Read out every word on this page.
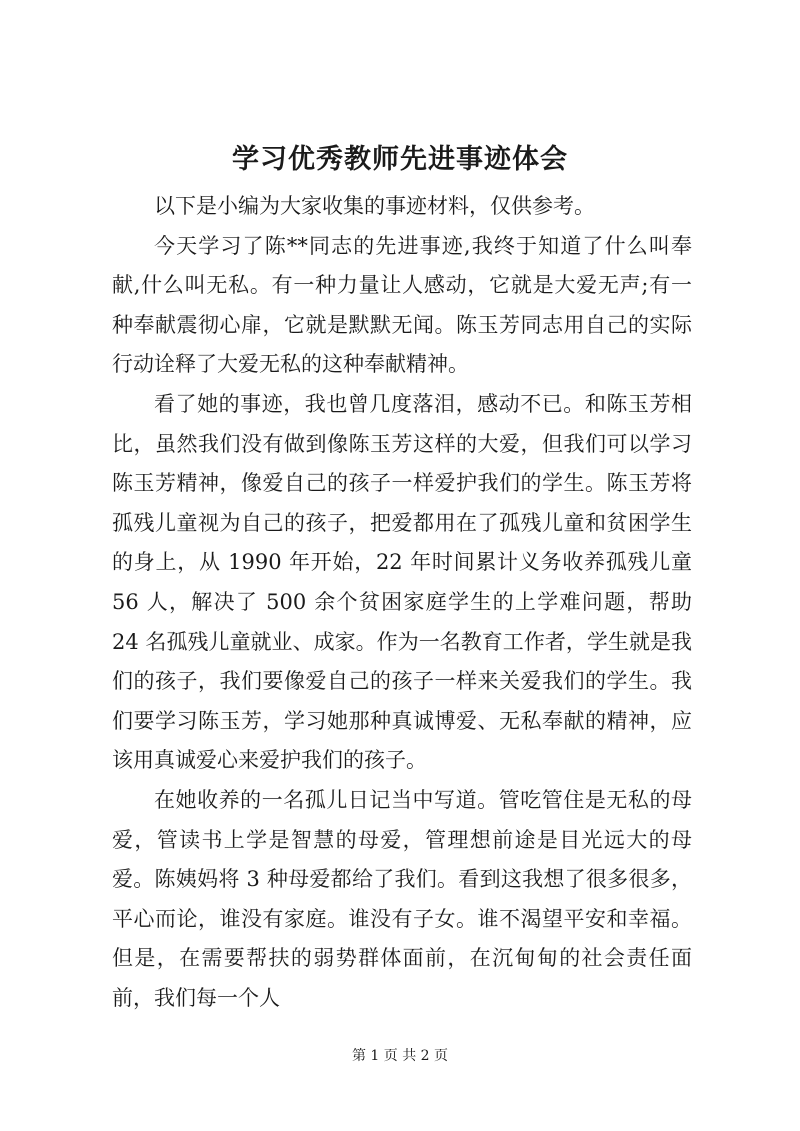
学习优秀教师先进事迹体会

以下是小编为大家收集的事迹材料，仅供参考。

今天学习了陈**同志的先进事迹,我终于知道了什么叫奉献,什么叫无私。有一种力量让人感动，它就是大爱无声;有一种奉献震彻心扉，它就是默默无闻。陈玉芳同志用自己的实际行动诠释了大爱无私的这种奉献精神。

看了她的事迹，我也曾几度落泪，感动不已。和陈玉芳相比，虽然我们没有做到像陈玉芳这样的大爱，但我们可以学习陈玉芳精神，像爱自己的孩子一样爱护我们的学生。陈玉芳将孤残儿童视为自己的孩子，把爱都用在了孤残儿童和贫困学生的身上，从 1990 年开始，22 年时间累计义务收养孤残儿童 56 人，解决了 500 余个贫困家庭学生的上学难问题，帮助 24 名孤残儿童就业、成家。作为一名教育工作者，学生就是我们的孩子，我们要像爱自己的孩子一样来关爱我们的学生。我们要学习陈玉芳，学习她那种真诚博爱、无私奉献的精神，应该用真诚爱心来爱护我们的孩子。

在她收养的一名孤儿日记当中写道。管吃管住是无私的母爱，管读书上学是智慧的母爱，管理想前途是目光远大的母爱。陈姨妈将 3 种母爱都给了我们。看到这我想了很多很多，平心而论，谁没有家庭。谁没有子女。谁不渴望平安和幸福。但是，在需要帮扶的弱势群体面前，在沉甸甸的社会责任面前，我们每一个人

第 1 页 共 2 页
